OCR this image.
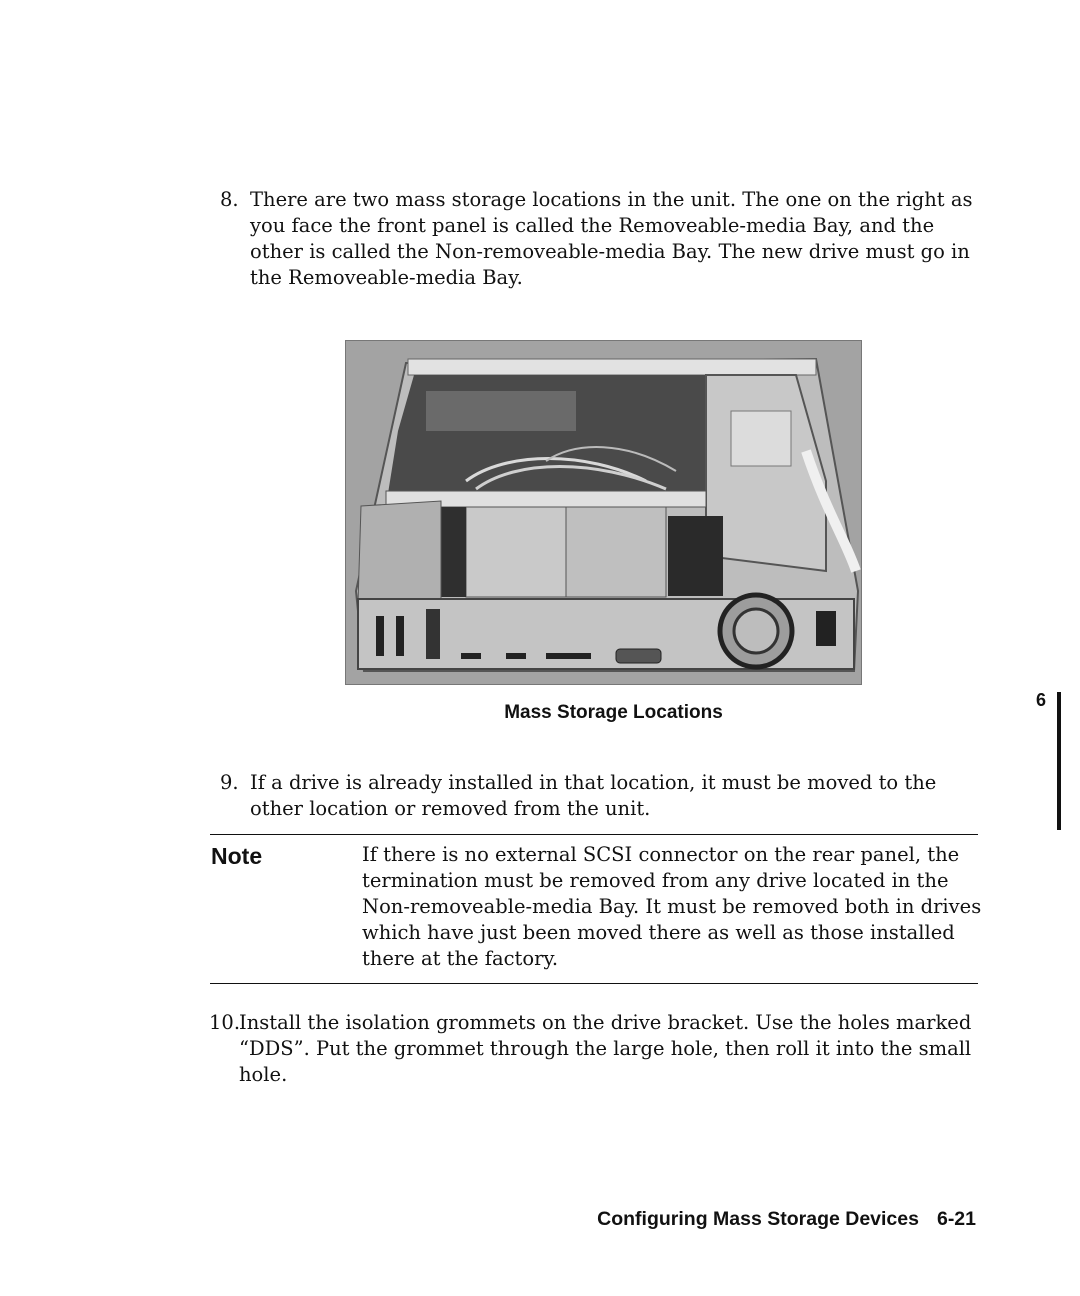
8. There are two mass storage locations in the unit. The one on the right as you face the front panel is called the Removeable-media Bay, and the other is called the Non-removeable-media Bay. The new drive must go in the Removeable-media Bay.
Mass Storage Locations
6
9. If a drive is already installed in that location, it must be moved to the other location or removed from the unit.
Note	If there is no external SCSI connector on the rear panel, the termination must be removed from any drive located in the Non-removeable-media Bay. It must be removed both in drives which have just been moved there as well as those installed there at the factory.
10.
Install the isolation grommets on the drive bracket. Use the holes marked “DDS”. Put the grommet through the large hole, then roll it into the small hole.
Configuring Mass Storage Devices 6-21
